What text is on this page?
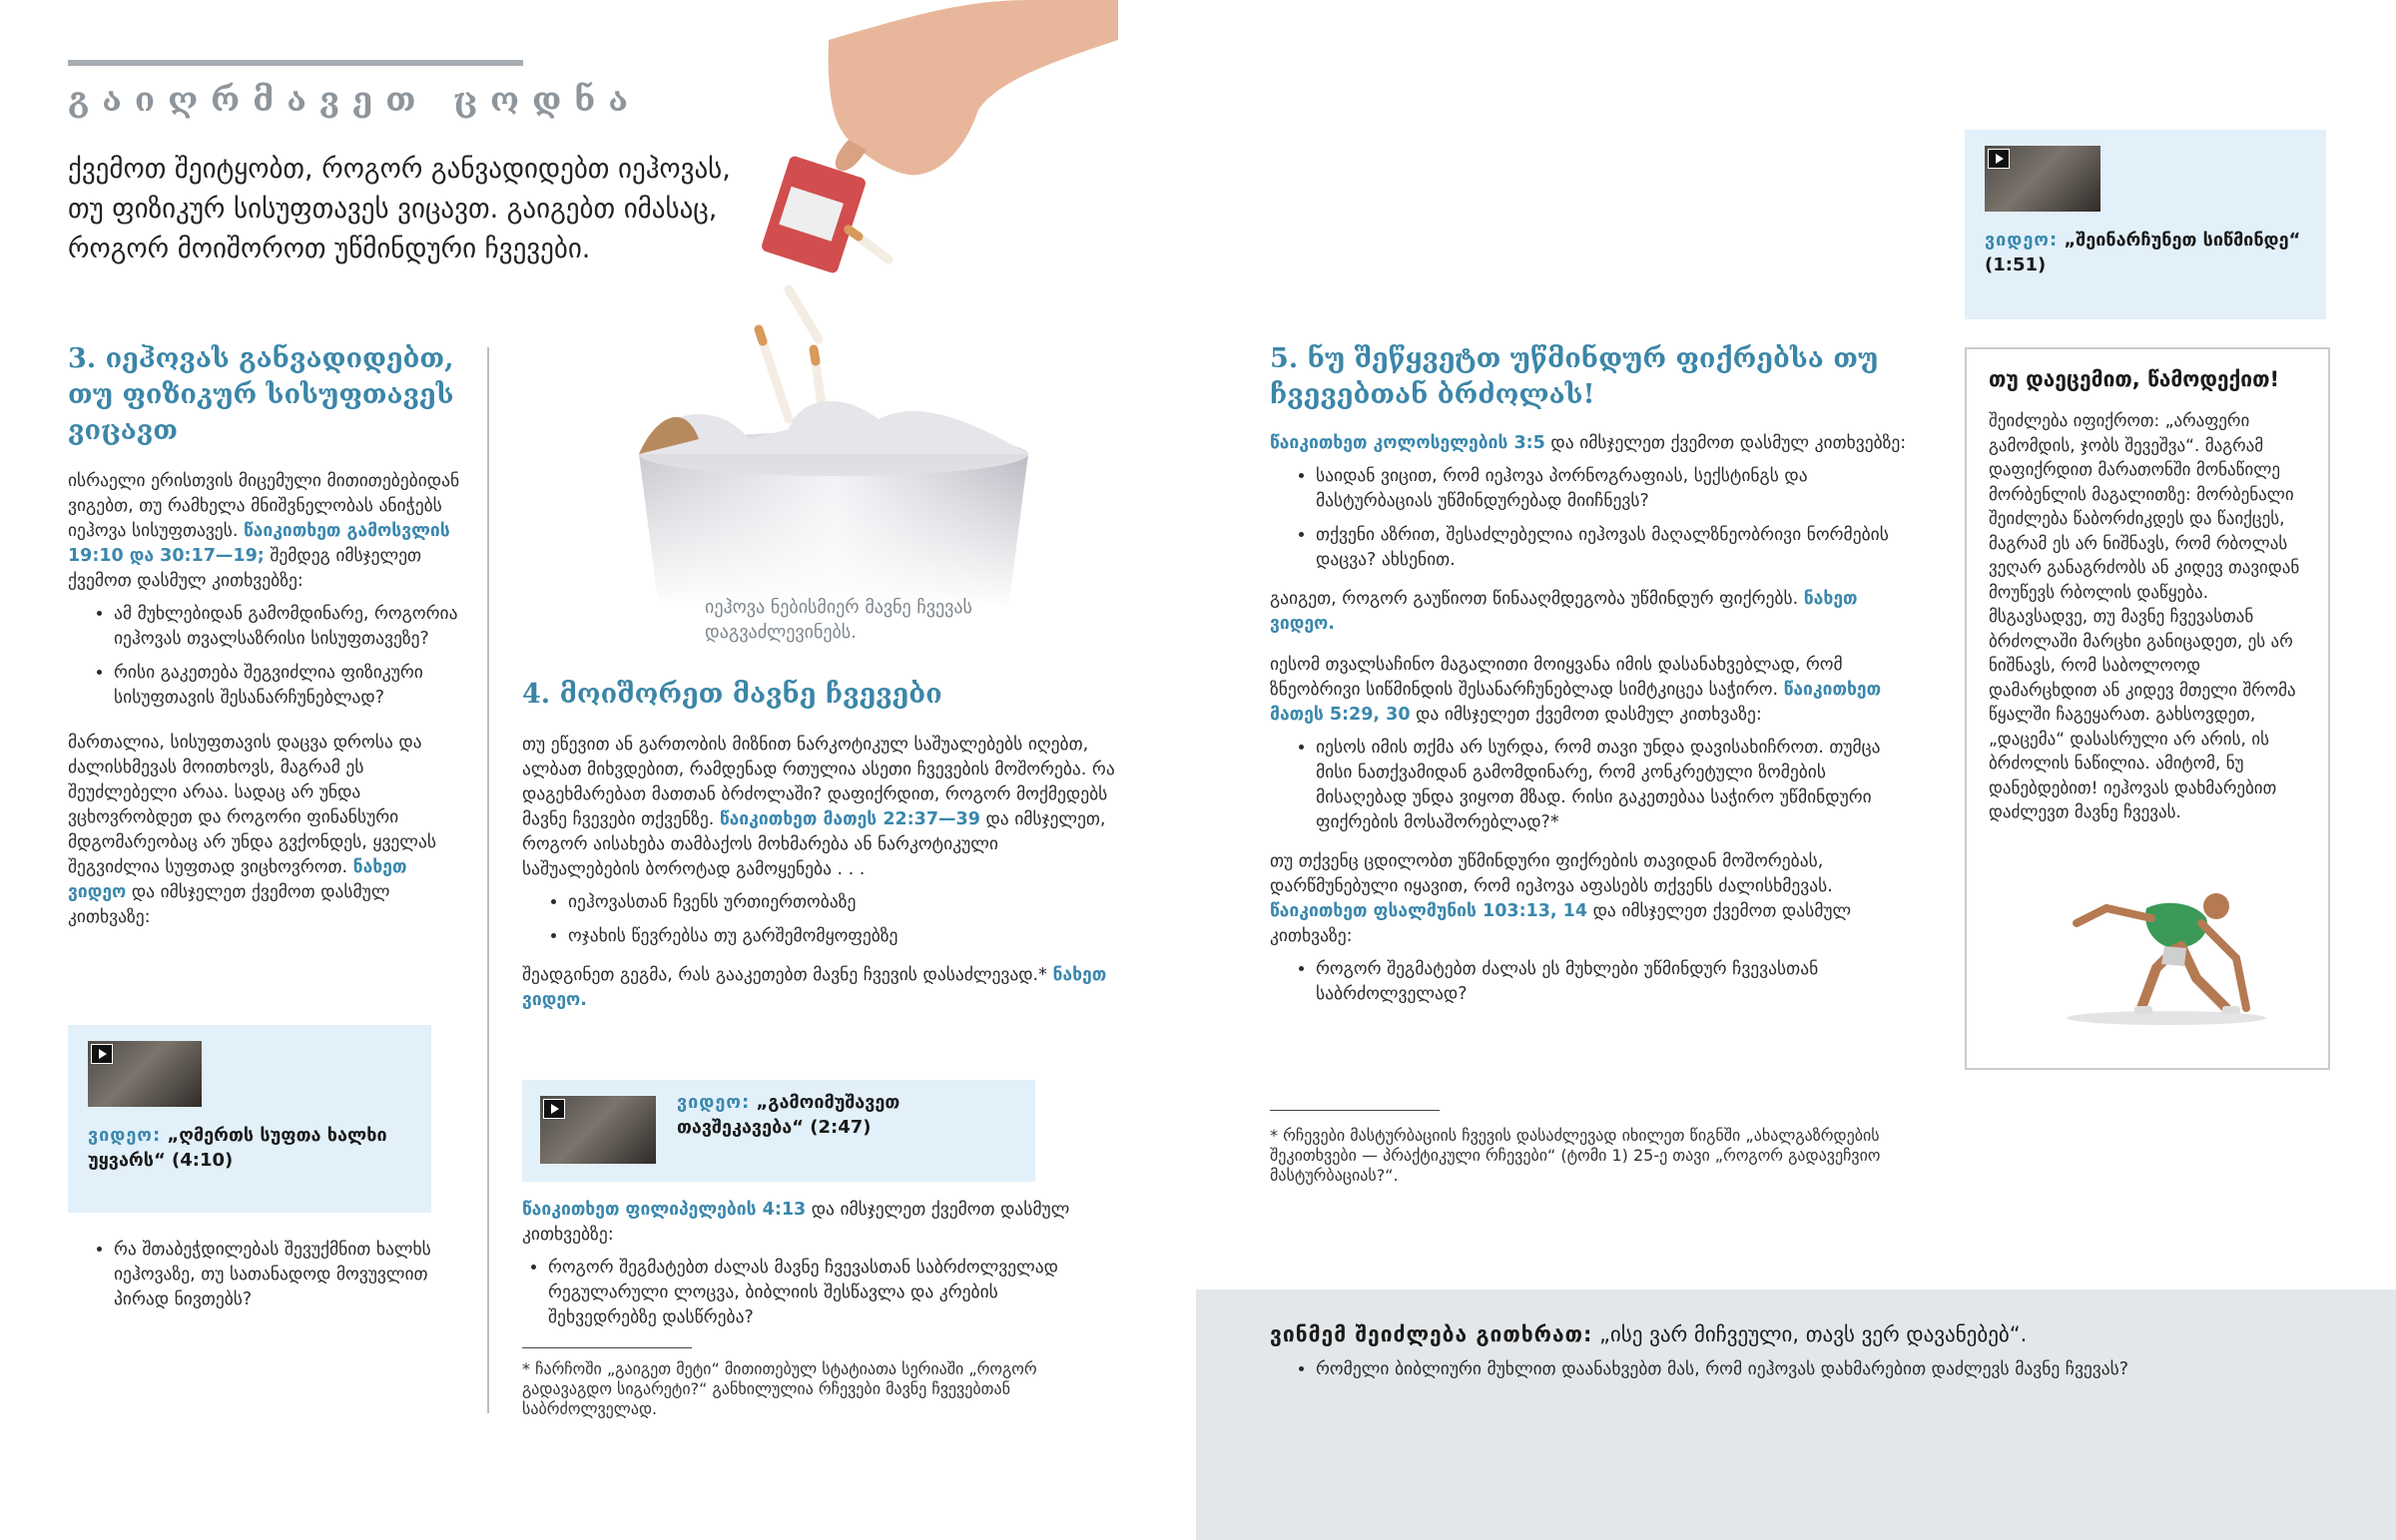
გაიღრმავეთ ცოდნა
ქვემოთ შეიტყობთ, როგორ განვადიდებთ იეჰოვას, თუ ფიზიკურ სისუფთავეს ვიცავთ. გაიგებთ იმასაც, როგორ მოიშოროთ უწმინდური ჩვევები.
იეჰოვა ნებისმიერ მავნე ჩვევას დაგვაძლევინებს.
3. იეჰოვას განვადიდებთ, თუ ფიზიკურ სისუფთავეს ვიცავთ

ისრაელი ერისთვის მიცემული მითითებებიდან ვიგებთ, თუ რამხელა მნიშვნელობას ანიჭებს იეჰოვა სისუფთავეს. წაიკითხეთ გამოსვლის 19:10 და 30:17—19; შემდეგ იმსჯელეთ ქვემოთ დასმულ კითხვებზე:

• ამ მუხლებიდან გამომდინარე, როგორია იეჰოვას თვალსაზრისი სისუფთავეზე?
• რისი გაკეთება შეგვიძლია ფიზიკური სისუფთავის შესანარჩუნებლად?

მართალია, სისუფთავის დაცვა დროსა და ძალისხმევას მოითხოვს, მაგრამ ეს შეუძლებელი არაა. სადაც არ უნდა ვცხოვრობდეთ და როგორი ფინანსური მდგომარეობაც არ უნდა გვქონდეს, ყველას შეგვიძლია სუფთად ვიცხოვროთ. ნახეთ ვიდეო და იმსჯელეთ ქვემოთ დასმულ კითხვაზე:

ვიდეო: „ღმერთს სუფთა ხალხი უყვარს“ (4:10)
• რა შთაბეჭდილებას შევუქმნით ხალხს იეჰოვაზე, თუ სათანადოდ მოვუვლით პირად ნივთებს?
4. მოიშორეთ მავნე ჩვევები

თუ ეწევით ან გართობის მიზნით ნარკოტიკულ საშუალებებს იღებთ, ალბათ მიხვდებით, რამდენად რთულია ასეთი ჩვევების მოშორება. რა დაგეხმარებათ მათთან ბრძოლაში? დაფიქრდით, როგორ მოქმედებს მავნე ჩვევები თქვენზე. წაიკითხეთ მათეს 22:37—39 და იმსჯელეთ, როგორ აისახება თამბაქოს მოხმარება ან ნარკოტიკული საშუალებების ბოროტად გამოყენება . . .

• იეჰოვასთან ჩვენს ურთიერთობაზე
• ოჯახის წევრებსა თუ გარშემომყოფებზე

შეადგინეთ გეგმა, რას გააკეთებთ მავნე ჩვევის დასაძლევად.* ნახეთ ვიდეო.

ვიდეო: „გამოიმუშავეთ თავშეკავება“ (2:47)

წაიკითხეთ ფილიპელების 4:13 და იმსჯელეთ ქვემოთ დასმულ კითხვებზე:

• როგორ შეგმატებთ ძალას მავნე ჩვევასთან საბრძოლველად რეგულარული ლოცვა, ბიბლიის შესწავლა და კრების შეხვედრებზე დასწრება?
* ჩარჩოში „გაიგეთ მეტი“ მითითებულ სტატიათა სერიაში „როგორ გადავაგდო სიგარეტი?“ განხილულია რჩევები მავნე ჩვევებთან საბრძოლველად.
5. ნუ შეწყვეტთ უწმინდურ ფიქრებსა თუ ჩვევებთან ბრძოლას!

წაიკითხეთ კოლოსელების 3:5 და იმსჯელეთ ქვემოთ დასმულ კითხვებზე:

• საიდან ვიცით, რომ იეჰოვა პორნოგრაფიას, სექსტინგს და მასტურბაციას უწმინდურებად მიიჩნევს?
• თქვენი აზრით, შესაძლებელია იეჰოვას მაღალზნეობრივი ნორმების დაცვა? ახსენით.

გაიგეთ, როგორ გაუწიოთ წინააღმდეგობა უწმინდურ ფიქრებს. ნახეთ ვიდეო.

იესომ თვალსაჩინო მაგალითი მოიყვანა იმის დასანახვებლად, რომ ზნეობრივი სიწმინდის შესანარჩუნებლად სიმტკიცეა საჭირო. წაიკითხეთ მათეს 5:29, 30 და იმსჯელეთ ქვემოთ დასმულ კითხვაზე:

• იესოს იმის თქმა არ სურდა, რომ თავი უნდა დავისახიჩროთ. თუმცა მისი ნათქვამიდან გამომდინარე, რომ კონკრეტული ზომების მისაღებად უნდა ვიყოთ მზად. რისი გაკეთებაა საჭირო უწმინდური ფიქრების მოსაშორებლად?*

თუ თქვენც ცდილობთ უწმინდური ფიქრების თავიდან მოშორებას, დარწმუნებული იყავით, რომ იეჰოვა აფასებს თქვენს ძალისხმევას. წაიკითხეთ ფსალმუნის 103:13, 14 და იმსჯელეთ ქვემოთ დასმულ კითხვაზე:

• როგორ შეგმატებთ ძალას ეს მუხლები უწმინდურ ჩვევასთან საბრძოლველად?
* რჩევები მასტურბაციის ჩვევის დასაძლევად იხილეთ წიგნში „ახალგაზრდების შეკითხვები — პრაქტიკული რჩევები“ (ტომი 1) 25-ე თავი „როგორ გადავეჩვიო მასტურბაციას?“.
ვიდეო: „შეინარჩუნეთ სიწმინდე“ (1:51)
თუ დაეცემით, წამოდექით!
შეიძლება იფიქროთ: „არაფერი გამომდის, ჯობს შევეშვა“. მაგრამ დაფიქრდით მარათონში მონაწილე მორბენლის მაგალითზე: მორბენალი შეიძლება წაბორძიკდეს და წაიქცეს, მაგრამ ეს არ ნიშნავს, რომ რბოლას ვეღარ განაგრძობს ან კიდევ თავიდან მოუწევს რბოლის დაწყება. მსგავსადვე, თუ მავნე ჩვევასთან ბრძოლაში მარცხი განიცადეთ, ეს არ ნიშნავს, რომ საბოლოოდ დამარცხდით ან კიდევ მთელი შრომა წყალში ჩაგეყარათ. გახსოვდეთ, „დაცემა“ დასასრული არ არის, ის ბრძოლის ნაწილია. ამიტომ, ნუ დანებდებით! იეჰოვას დახმარებით დაძლევთ მავნე ჩვევას.
ვინმემ შეიძლება გითხრათ: „ისე ვარ მიჩვეული, თავს ვერ დავანებებ“.
• რომელი ბიბლიური მუხლით დაანახვებთ მას, რომ იეჰოვას დახმარებით დაძლევს მავნე ჩვევას?
